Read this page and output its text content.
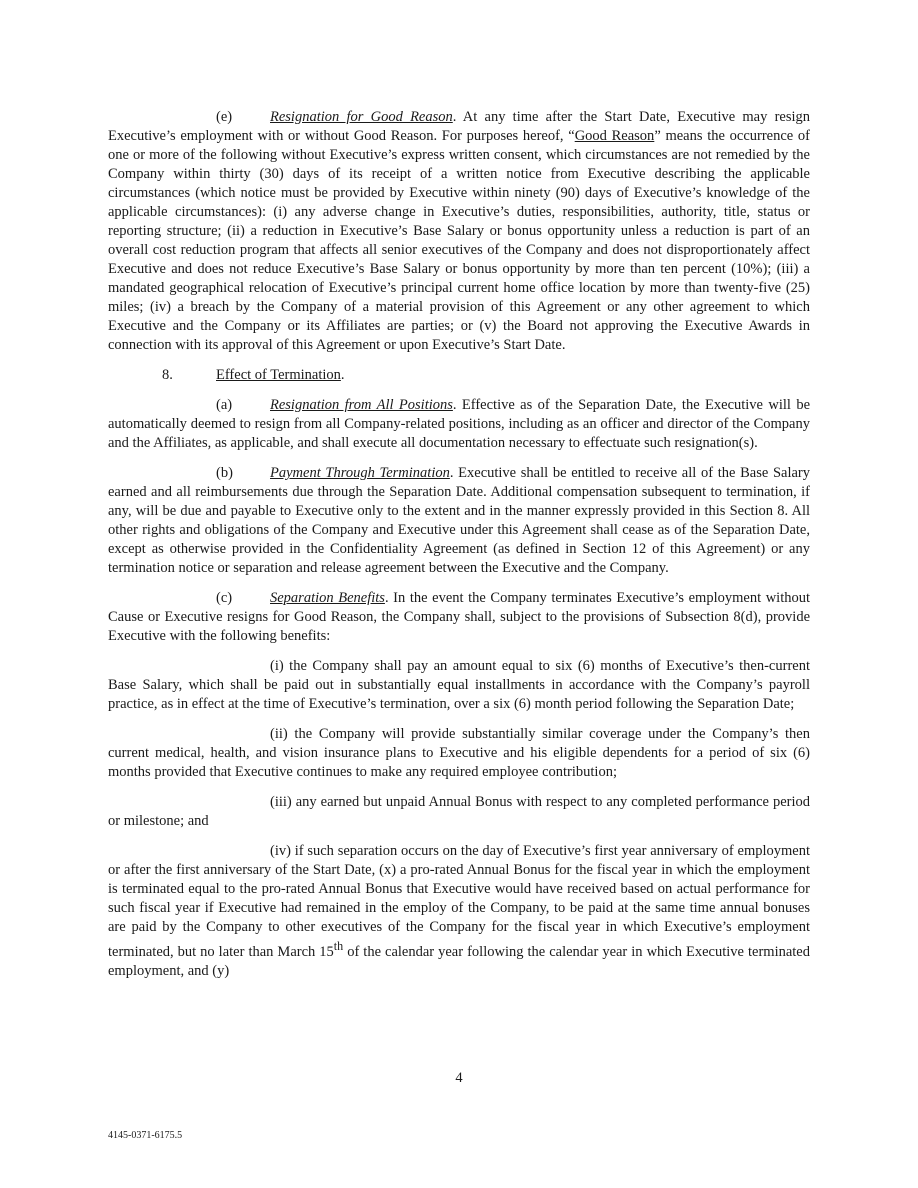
(e)	Resignation for Good Reason. At any time after the Start Date, Executive may resign Executive’s employment with or without Good Reason. For purposes hereof, “Good Reason” means the occurrence of one or more of the following without Executive’s express written consent, which circumstances are not remedied by the Company within thirty (30) days of its receipt of a written notice from Executive describing the applicable circumstances (which notice must be provided by Executive within ninety (90) days of Executive’s knowledge of the applicable circumstances): (i) any adverse change in Executive’s duties, responsibilities, authority, title, status or reporting structure; (ii) a reduction in Executive’s Base Salary or bonus opportunity unless a reduction is part of an overall cost reduction program that affects all senior executives of the Company and does not disproportionately affect Executive and does not reduce Executive’s Base Salary or bonus opportunity by more than ten percent (10%); (iii) a mandated geographical relocation of Executive’s principal current home office location by more than twenty-five (25) miles; (iv) a breach by the Company of a material provision of this Agreement or any other agreement to which Executive and the Company or its Affiliates are parties; or (v) the Board not approving the Executive Awards in connection with its approval of this Agreement or upon Executive’s Start Date.

8.	Effect of Termination.

(a)	Resignation from All Positions. Effective as of the Separation Date, the Executive will be automatically deemed to resign from all Company-related positions, including as an officer and director of the Company and the Affiliates, as applicable, and shall execute all documentation necessary to effectuate such resignation(s).

(b)	Payment Through Termination. Executive shall be entitled to receive all of the Base Salary earned and all reimbursements due through the Separation Date. Additional compensation subsequent to termination, if any, will be due and payable to Executive only to the extent and in the manner expressly provided in this Section 8. All other rights and obligations of the Company and Executive under this Agreement shall cease as of the Separation Date, except as otherwise provided in the Confidentiality Agreement (as defined in Section 12 of this Agreement) or any termination notice or separation and release agreement between the Executive and the Company.

(c)	Separation Benefits. In the event the Company terminates Executive’s employment without Cause or Executive resigns for Good Reason, the Company shall, subject to the provisions of Subsection 8(d), provide Executive with the following benefits:

(i) the Company shall pay an amount equal to six (6) months of Executive’s then-current Base Salary, which shall be paid out in substantially equal installments in accordance with the Company’s payroll practice, as in effect at the time of Executive’s termination, over a six (6) month period following the Separation Date;

(ii) the Company will provide substantially similar coverage under the Company’s then current medical, health, and vision insurance plans to Executive and his eligible dependents for a period of six (6) months provided that Executive continues to make any required employee contribution;

(iii) any earned but unpaid Annual Bonus with respect to any completed performance period or milestone; and

(iv) if such separation occurs on the day of Executive’s first year anniversary of employment or after the first anniversary of the Start Date, (x) a pro-rated Annual Bonus for the fiscal year in which the employment is terminated equal to the pro-rated Annual Bonus that Executive would have received based on actual performance for such fiscal year if Executive had remained in the employ of the Company, to be paid at the same time annual bonuses are paid by the Company to other executives of the Company for the fiscal year in which Executive’s employment terminated, but no later than March 15th of the calendar year following the calendar year in which Executive terminated employment, and (y)

4
4145-0371-6175.5
